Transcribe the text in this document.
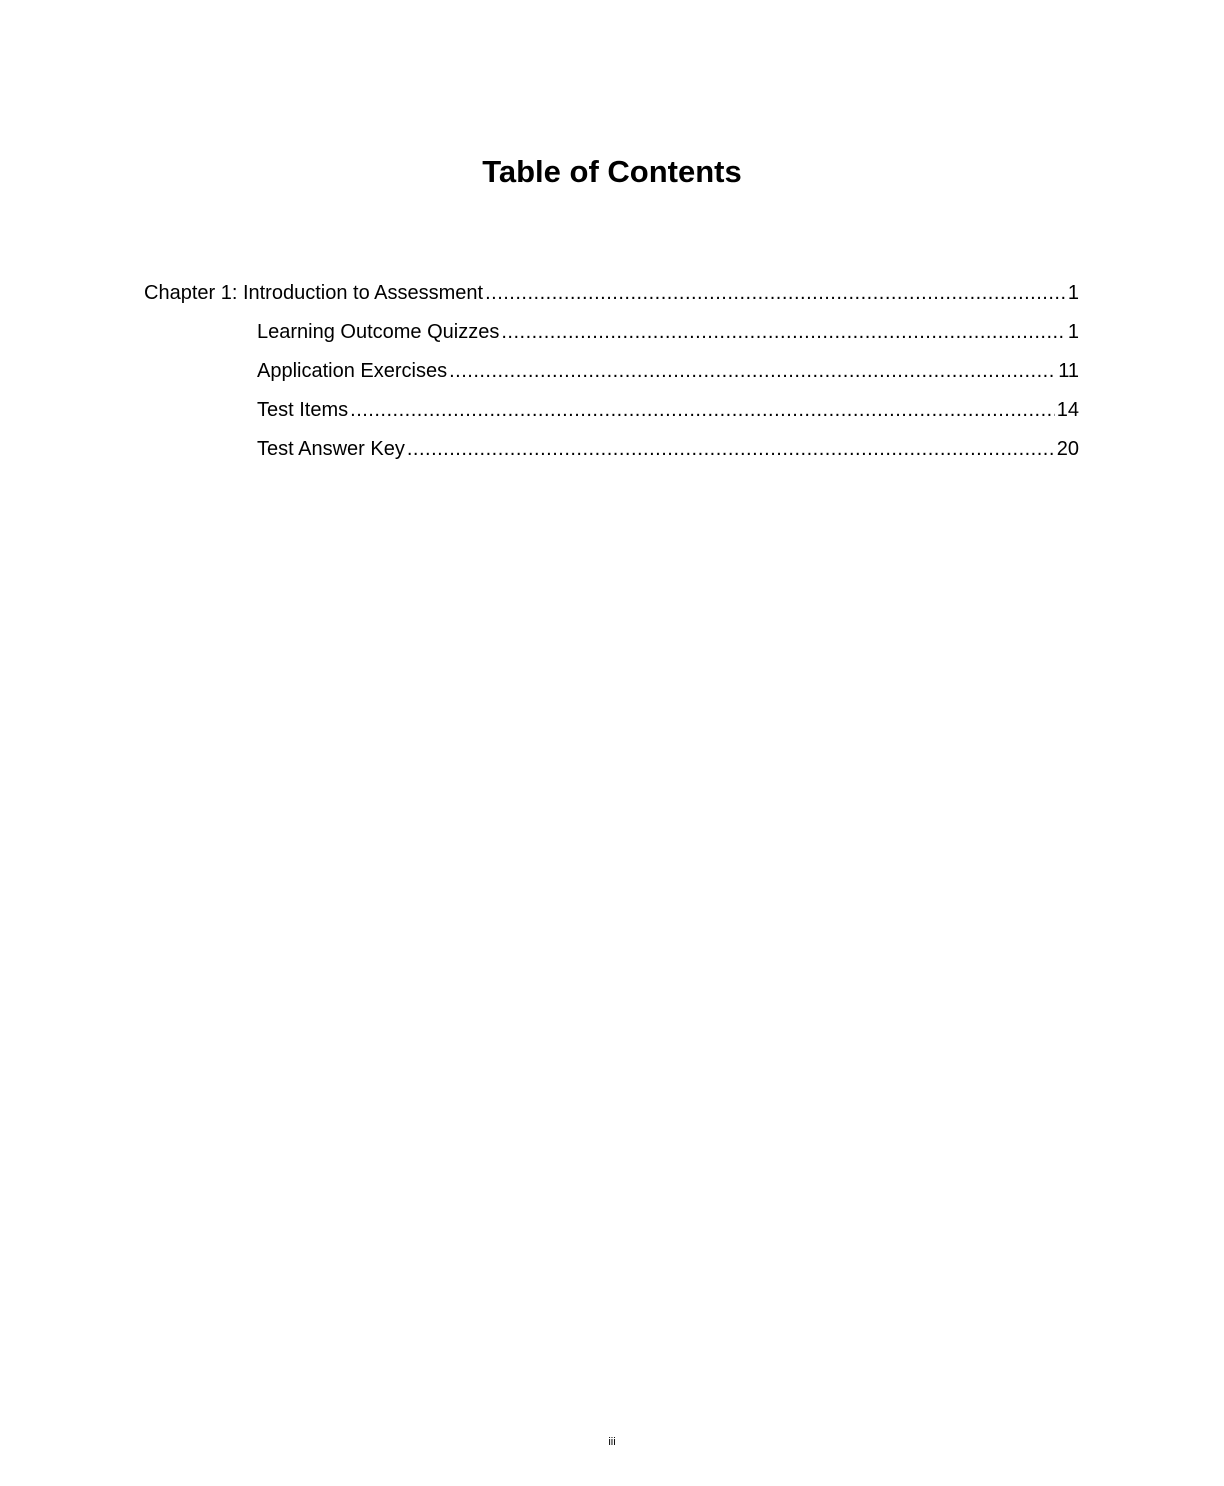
Table of Contents
Chapter 1: Introduction to Assessment .....	1
Learning Outcome Quizzes .....	1
Application Exercises .....	11
Test Items .....	14
Test Answer Key .....	20
iii
